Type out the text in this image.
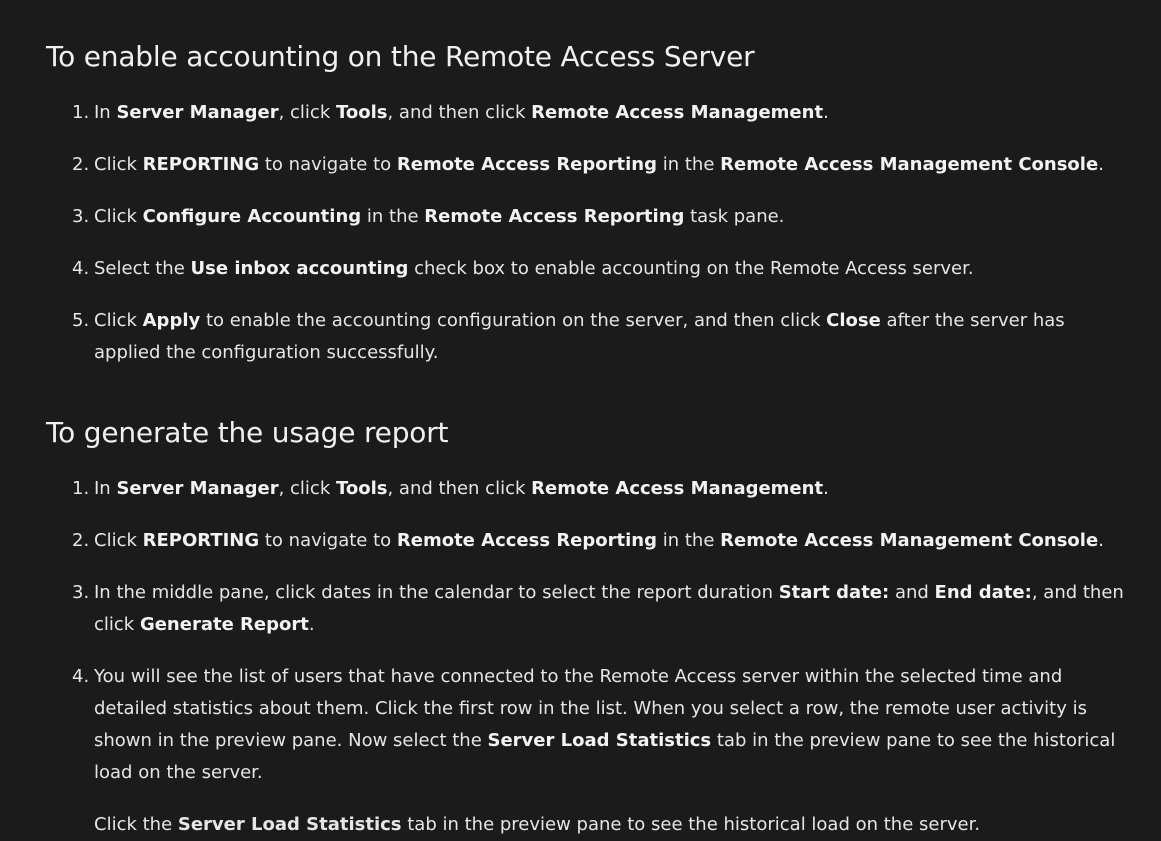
To enable accounting on the Remote Access Server
1. In Server Manager, click Tools, and then click Remote Access Management.
2. Click REPORTING to navigate to Remote Access Reporting in the Remote Access Management Console.
3. Click Configure Accounting in the Remote Access Reporting task pane.
4. Select the Use inbox accounting check box to enable accounting on the Remote Access server.
5. Click Apply to enable the accounting configuration on the server, and then click Close after the server has applied the configuration successfully.
To generate the usage report
1. In Server Manager, click Tools, and then click Remote Access Management.
2. Click REPORTING to navigate to Remote Access Reporting in the Remote Access Management Console.
3. In the middle pane, click dates in the calendar to select the report duration Start date: and End date:, and then click Generate Report.
4. You will see the list of users that have connected to the Remote Access server within the selected time and detailed statistics about them. Click the first row in the list. When you select a row, the remote user activity is shown in the preview pane. Now select the Server Load Statistics tab in the preview pane to see the historical load on the server.
Click the Server Load Statistics tab in the preview pane to see the historical load on the server.
